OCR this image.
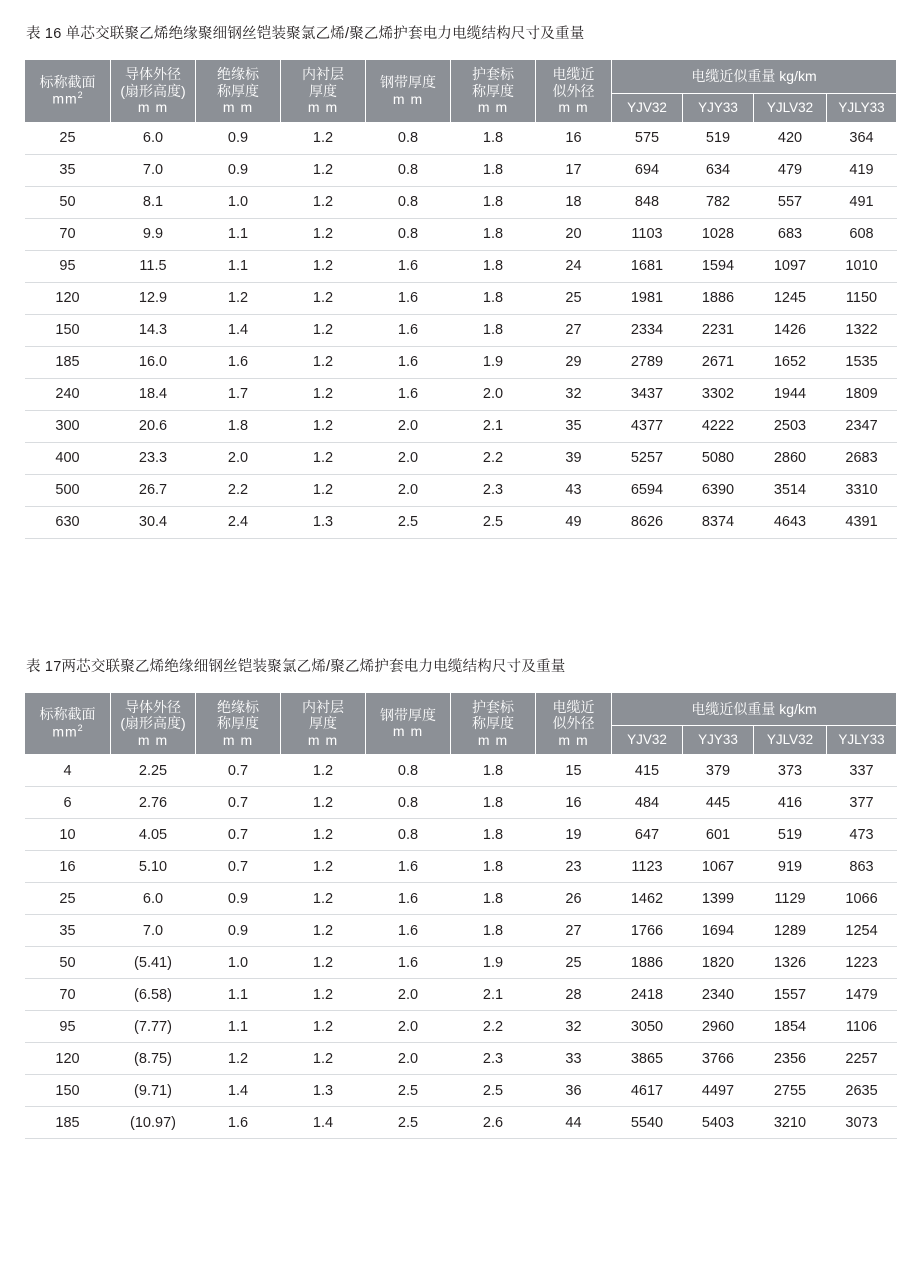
表 16 单芯交联聚乙烯绝缘聚细钢丝铠装聚氯乙烯/聚乙烯护套电力电缆结构尺寸及重量
标称截面
$mm^2$	导体外径
(扇形高度)
m m	绝缘标
称厚度
m m	内衬层
厚度
m m	钢带厚度
m m	护套标
称厚度
m m	电缆近
似外径
m m	电缆近似重量 kg/km			
							YJV32	YJY33	YJLV32	YJLY33
25	6.0	0.9	1.2	0.8	1.8	16	575	519	420	364
35	7.0	0.9	1.2	0.8	1.8	17	694	634	479	419
50	8.1	1.0	1.2	0.8	1.8	18	848	782	557	491
70	9.9	1.1	1.2	0.8	1.8	20	1103	1028	683	608
95	11.5	1.1	1.2	1.6	1.8	24	1681	1594	1097	1010
120	12.9	1.2	1.2	1.6	1.8	25	1981	1886	1245	1150
150	14.3	1.4	1.2	1.6	1.8	27	2334	2231	1426	1322
185	16.0	1.6	1.2	1.6	1.9	29	2789	2671	1652	1535
240	18.4	1.7	1.2	1.6	2.0	32	3437	3302	1944	1809
300	20.6	1.8	1.2	2.0	2.1	35	4377	4222	2503	2347
400	23.3	2.0	1.2	2.0	2.2	39	5257	5080	2860	2683
500	26.7	2.2	1.2	2.0	2.3	43	6594	6390	3514	3310
630	30.4	2.4	1.3	2.5	2.5	49	8626	8374	4643	4391
表 17两芯交联聚乙烯绝缘细钢丝铠装聚氯乙烯/聚乙烯护套电力电缆结构尺寸及重量
标称截面
$mm^2$	导体外径
(扇形高度)
m m	绝缘标
称厚度
m m	内衬层
厚度
m m	钢带厚度
m m	护套标
称厚度
m m	电缆近
似外径
m m	电缆近似重量 kg/km			
							YJV32	YJY33	YJLV32	YJLY33
4	2.25	0.7	1.2	0.8	1.8	15	415	379	373	337
6	2.76	0.7	1.2	0.8	1.8	16	484	445	416	377
10	4.05	0.7	1.2	0.8	1.8	19	647	601	519	473
16	5.10	0.7	1.2	1.6	1.8	23	1123	1067	919	863
25	6.0	0.9	1.2	1.6	1.8	26	1462	1399	1129	1066
35	7.0	0.9	1.2	1.6	1.8	27	1766	1694	1289	1254
50	(5.41)	1.0	1.2	1.6	1.9	25	1886	1820	1326	1223
70	(6.58)	1.1	1.2	2.0	2.1	28	2418	2340	1557	1479
95	(7.77)	1.1	1.2	2.0	2.2	32	3050	2960	1854	1106
120	(8.75)	1.2	1.2	2.0	2.3	33	3865	3766	2356	2257
150	(9.71)	1.4	1.3	2.5	2.5	36	4617	4497	2755	2635
185	(10.97)	1.6	1.4	2.5	2.6	44	5540	5403	3210	3073
